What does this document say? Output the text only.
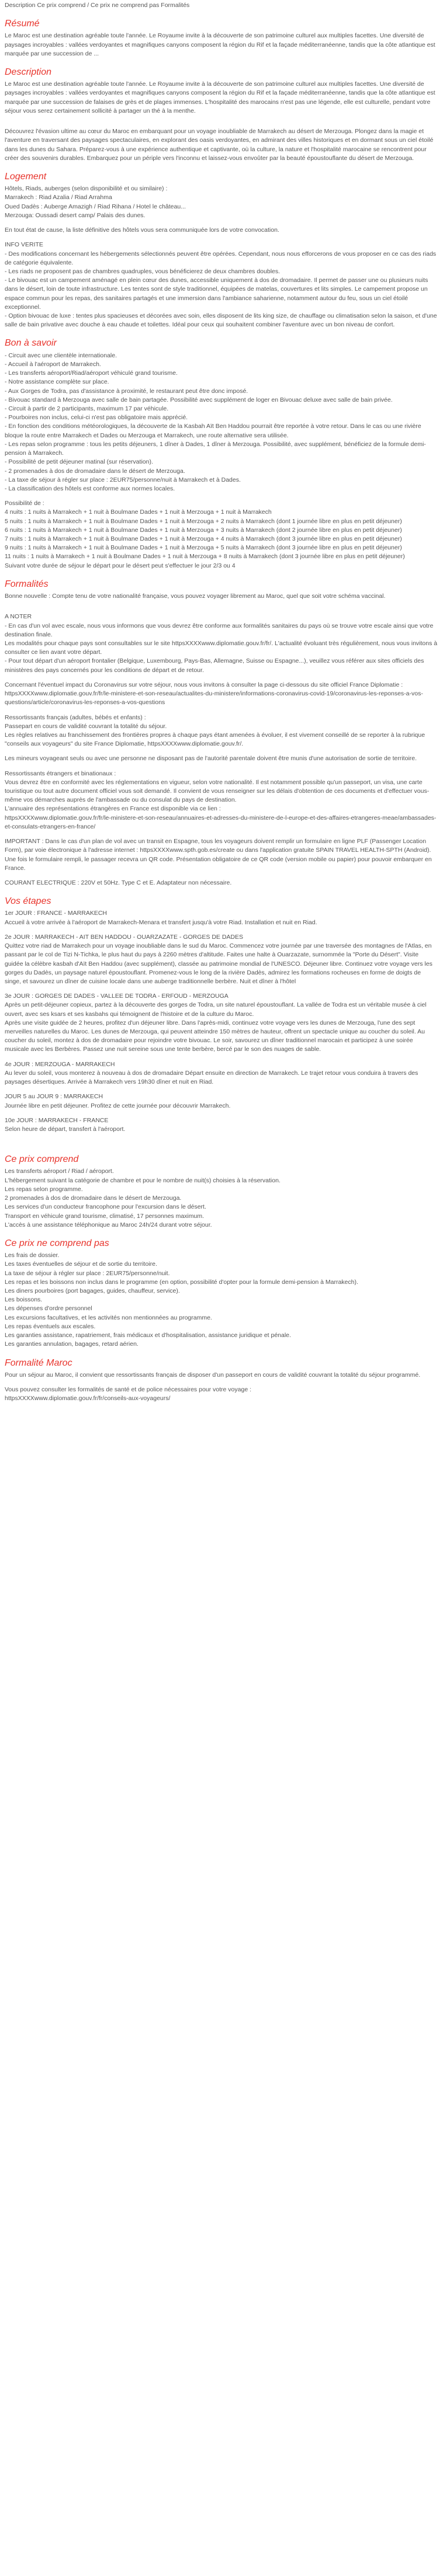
Description Ce prix comprend / Ce prix ne comprend pas Formalités
Résumé

Le Maroc est une destination agréable toute l'année. Le Royaume invite à la découverte de son patrimoine culturel aux multiples facettes. Une diversité de paysages incroyables : vallées verdoyantes et magnifiques canyons composent la région du Rif et la façade méditerranéenne, tandis que la côte atlantique est marquée par une succession de ...

Description

Le Maroc est une destination agréable toute l'année. Le Royaume invite à la découverte de son patrimoine culturel aux multiples facettes. Une diversité de paysages incroyables : vallées verdoyantes et magnifiques canyons composent la région du Rif et la façade méditerranéenne, tandis que la côte atlantique est marquée par une succession de falaises de grès et de plages immenses. L'hospitalité des marocains n'est pas une légende, elle est culturelle, pendant votre séjour vous serez certainement sollicité à partager un thé à la menthe.

Découvrez l'évasion ultime au cœur du Maroc en embarquant pour un voyage inoubliable de Marrakech au désert de Merzouga. Plongez dans la magie et l'aventure en traversant des paysages spectaculaires, en explorant des oasis verdoyantes, en admirant des villes historiques et en dormant sous un ciel étoilé dans les dunes du Sahara. Préparez-vous à une expérience authentique et captivante, où la culture, la nature et l'hospitalité marocaine se rencontrent pour créer des souvenirs durables. Embarquez pour un périple vers l'inconnu et laissez-vous envoûter par la beauté époustouflante du désert de Merzouga.

Logement
Hôtels, Riads, auberges (selon disponibilité et ou similaire) :
Marrakech : Riad Azalia / Riad Arrahma
Oued Dadès : Auberge Amazigh / Riad Rihana / Hotel le château...
Merzouga: Oussadi desert camp/ Palais des dunes.

En tout état de cause, la liste définitive des hôtels vous sera communiquée lors de votre convocation.

INFO VERITE

- Des modifications concernant les hébergements sélectionnés peuvent être opérées. Cependant, nous nous efforcerons de vous proposer en ce cas des riads de catégorie équivalente.
- Les riads ne proposent pas de chambres quadruples, vous bénéficierez de deux chambres doubles.
- Le bivouac est un campement aménagé en plein cœur des dunes, accessible uniquement à dos de dromadaire. Il permet de passer une ou plusieurs nuits dans le désert, loin de toute infrastructure. Les tentes sont de style traditionnel, équipées de matelas, couvertures et lits simples. Le campement propose un espace commun pour les repas, des sanitaires partagés et une immersion dans l'ambiance saharienne, notamment autour du feu, sous un ciel étoilé exceptionnel.
- Option bivouac de luxe : tentes plus spacieuses et décorées avec soin, elles disposent de lits king size, de chauffage ou climatisation selon la saison, et d'une salle de bain privative avec douche à eau chaude et toilettes. Idéal pour ceux qui souhaitent combiner l'aventure avec un bon niveau de confort.

Bon à savoir

- Circuit avec une clientèle internationale.
- Accueil à l'aéroport de Marrakech.
- Les transferts aéroport/Riad/aéroport véhiculé grand tourisme.
- Notre assistance complète sur place.
- Aux Gorges de Todra, pas d'assistance à proximité, le restaurant peut être donc imposé.
- Bivouac standard à Merzouga avec salle de bain partagée. Possibilité avec supplément de loger en Bivouac deluxe avec salle de bain privée.
- Circuit à partir de 2 participants, maximum 17 par véhicule.
- Pourboires non inclus, celui-ci n'est pas obligatoire mais apprécié.
- En fonction des conditions météorologiques, la découverte de la Kasbah Aït Ben Haddou pourrait être reportée à votre retour. Dans le cas ou une rivière bloque la route entre Marrakech et Dades ou Merzouga et Marrakech, une route alternative sera utilisée.
- Les repas selon programme : tous les petits déjeuners, 1 dîner à Dades, 1 dîner à Merzouga. Possibilité, avec supplément, bénéficiez de la formule demi-pension à Marrakech.
- Possibilité de petit déjeuner matinal (sur réservation).
- 2 promenades à dos de dromadaire dans le désert de Merzouga.
- La taxe de séjour à régler sur place : 2EUR75/personne/nuit à Marrakech et à Dades.
- La classification des hôtels est conforme aux normes locales.

Possibilité de :

4 nuits : 1 nuits à Marrakech + 1 nuit à Boulmane Dades + 1 nuit à Merzouga + 1 nuit à Marrakech
5 nuits : 1 nuits à Marrakech + 1 nuit à Boulmane Dades + 1 nuit à Merzouga + 2 nuits à Marrakech (dont 1 journée libre en plus en petit déjeuner)
6 nuits : 1 nuits à Marrakech + 1 nuit à Boulmane Dades + 1 nuit à Merzouga + 3 nuits à Marrakech (dont 2 journée libre en plus en petit déjeuner)
7 nuits : 1 nuits à Marrakech + 1 nuit à Boulmane Dades + 1 nuit à Merzouga + 4 nuits à Marrakech (dont 3 journée libre en plus en petit déjeuner)
9 nuits : 1 nuits à Marrakech + 1 nuit à Boulmane Dades + 1 nuit à Merzouga + 5 nuits à Marrakech (dont 3 journée libre en plus en petit déjeuner)
11 nuits : 1 nuits à Marrakech + 1 nuit à Boulmane Dades + 1 nuit à Merzouga + 8 nuits à Marrakech (dont 3 journée libre en plus en petit déjeuner)
Suivant votre durée de séjour le départ pour le désert peut s'effectuer le jour 2/3 ou 4

Formalités

Bonne nouvelle : Compte tenu de votre nationalité française, vous pouvez voyager librement au Maroc, quel que soit votre schéma vaccinal.

A NOTER
- En cas d'un vol avec escale, nous vous informons que vous devrez être conforme aux formalités sanitaires du pays où se trouve votre escale ainsi que votre destination finale.
Les modalités pour chaque pays sont consultables sur le site httpsXXXXwww.diplomatie.gouv.fr/fr/. L'actualité évoluant très régulièrement, nous vous invitons à consulter ce lien avant votre départ.
- Pour tout départ d'un aéroport frontalier (Belgique, Luxembourg, Pays-Bas, Allemagne, Suisse ou Espagne...), veuillez vous référer aux sites officiels des ministères des pays concernés pour les conditions de départ et de retour.

Concernant l'éventuel impact du Coronavirus sur votre séjour, nous vous invitons à consulter la page ci-dessous du site officiel France Diplomatie :
httpsXXXXwww.diplomatie.gouv.fr/fr/le-ministere-et-son-reseau/actualites-du-ministere/informations-coronavirus-covid-19/coronavirus-les-reponses-a-vos-questions/article/coronavirus-les-reponses-a-vos-questions

Ressortissants français (adultes, bébés et enfants) :
Passepart en cours de validité couvrant la totalité du séjour.
Les règles relatives au franchissement des frontières propres à chaque pays étant amenées à évoluer, il est vivement conseillé de se reporter à la rubrique "conseils aux voyageurs" du site France Diplomatie, httpsXXXXwww.diplomatie.gouv.fr/.

Les mineurs voyageant seuls ou avec une personne ne disposant pas de l'autorité parentale doivent être munis d'une autorisation de sortie de territoire.

Ressortissants étrangers et binationaux :
Vous devrez être en conformité avec les réglementations en vigueur, selon votre nationalité. Il est notamment possible qu'un passeport, un visa, une carte touristique ou tout autre document officiel vous soit demandé. Il convient de vous renseigner sur les délais d'obtention de ces documents et d'effectuer vous-même vos démarches auprès de l'ambassade ou du consulat du pays de destination.
L'annuaire des représentations étrangères en France est disponible via ce lien :
httpsXXXXwww.diplomatie.gouv.fr/fr/le-ministere-et-son-reseau/annuaires-et-adresses-du-ministere-de-l-europe-et-des-affaires-etrangeres-meae/ambassades-et-consulats-etrangers-en-france/

IMPORTANT : Dans le cas d'un plan de vol avec un transit en Espagne, tous les voyageurs doivent remplir un formulaire en ligne PLF (Passenger Location Form), par voie électronique à l'adresse internet : httpsXXXXwww.spth.gob.es/create ou dans l'application gratuite SPAIN TRAVEL HEALTH-SPTH (Android). Une fois le formulaire rempli, le passager recevra un QR code. Présentation obligatoire de ce QR code (version mobile ou papier) pour pouvoir embarquer en France.

COURANT ELECTRIQUE : 220V et 50Hz. Type C et E. Adaptateur non nécessaire.

Vos étapes

1er JOUR : FRANCE - MARRAKECH
Accueil à votre arrivée à l'aéroport de Marrakech-Menara et transfert jusqu'à votre Riad. Installation et nuit en Riad.

2e JOUR : MARRAKECH - AIT BEN HADDOU - OUARZAZATE - GORGES DE DADES
Quittez votre riad de Marrakech pour un voyage inoubliable dans le sud du Maroc. Commencez votre journée par une traversée des montagnes de l'Atlas, en passant par le col de Tizi N-Tichka, le plus haut du pays à 2260 mètres d'altitude. Faites une halte à Ouarzazate, surnommée la "Porte du Désert". Visite guidée la célèbre kasbah d'Aït Ben Haddou (avec supplément), classée au patrimoine mondial de l'UNESCO. Déjeuner libre. Continuez votre voyage vers les gorges du Dadès, un paysage naturel époustouflant. Promenez-vous le long de la rivière Dadès, admirez les formations rocheuses en forme de doigts de singe, et savourez un dîner de cuisine locale dans une auberge traditionnelle berbère. Nuit et dîner à l'hôtel

3e JOUR : GORGES DE DADES - VALLEE DE TODRA - ERFOUD - MERZOUGA
Après un petit-déjeuner copieux, partez à la découverte des gorges de Todra, un site naturel époustouflant. La vallée de Todra est un véritable musée à ciel ouvert, avec ses ksars et ses kasbahs qui témoignent de l'histoire et de la culture du Maroc.
Après une visite guidée de 2 heures, profitez d'un déjeuner libre. Dans l'après-midi, continuez votre voyage vers les dunes de Merzouga, l'une des sept merveilles naturelles du Maroc. Les dunes de Merzouga, qui peuvent atteindre 150 mètres de hauteur, offrent un spectacle unique au coucher du soleil. Au coucher du soleil, montez à dos de dromadaire pour rejoindre votre bivouac. Le soir, savourez un dîner traditionnel marocain et participez à une soirée musicale avec les Berbères. Passez une nuit sereine sous une tente berbère, bercé par le son des nuages de sable.

4e JOUR : MERZOUGA - MARRAKECH
Au lever du soleil, vous monterez à nouveau à dos de dromadaire Départ ensuite en direction de Marrakech. Le trajet retour vous conduira à travers des paysages désertiques. Arrivée à Marrakech vers 19h30 dîner et nuit en Riad.

JOUR 5 au JOUR 9 : MARRAKECH
Journée libre en petit déjeuner. Profitez de cette journée pour découvrir Marrakech.

10e JOUR : MARRAKECH - FRANCE
Selon heure de départ, transfert à l'aéroport.

Ce prix comprend
Les transferts aéroport / Riad / aéroport.
L'hébergement suivant la catégorie de chambre et pour le nombre de nuit(s) choisies à la réservation.
Les repas selon programme.
2 promenades à dos de dromadaire dans le désert de Merzouga.
Les services d'un conducteur francophone pour l'excursion dans le désert.
Transport en véhicule grand tourisme, climatisé, 17 personnes maximum.
L'accès à une assistance téléphonique au Maroc 24h/24 durant votre séjour.
Ce prix ne comprend pas
Les frais de dossier.
Les taxes éventuelles de séjour et de sortie du territoire.
La taxe de séjour à régler sur place : 2EUR75/personne/nuit.
Les repas et les boissons non inclus dans le programme (en option, possibilité d'opter pour la formule demi-pension à Marrakech).
Les diners pourboires (port bagages, guides, chauffeur, service).
Les boissons.
Les dépenses d'ordre personnel
Les excursions facultatives, et les activités non mentionnées au programme.
Les repas éventuels aux escales.
Les garanties assistance, rapatriement, frais médicaux et d'hospitalisation, assistance juridique et pénale.
Les garanties annulation, bagages, retard aérien.
Formalité Maroc

Pour un séjour au Maroc, il convient que ressortissants français de disposer d'un passeport en cours de validité couvrant la totalité du séjour programmé.

Vous pouvez consulter les formalités de santé et de police nécessaires pour votre voyage :
httpsXXXXwww.diplomatie.gouv.fr/fr/conseils-aux-voyageurs/
